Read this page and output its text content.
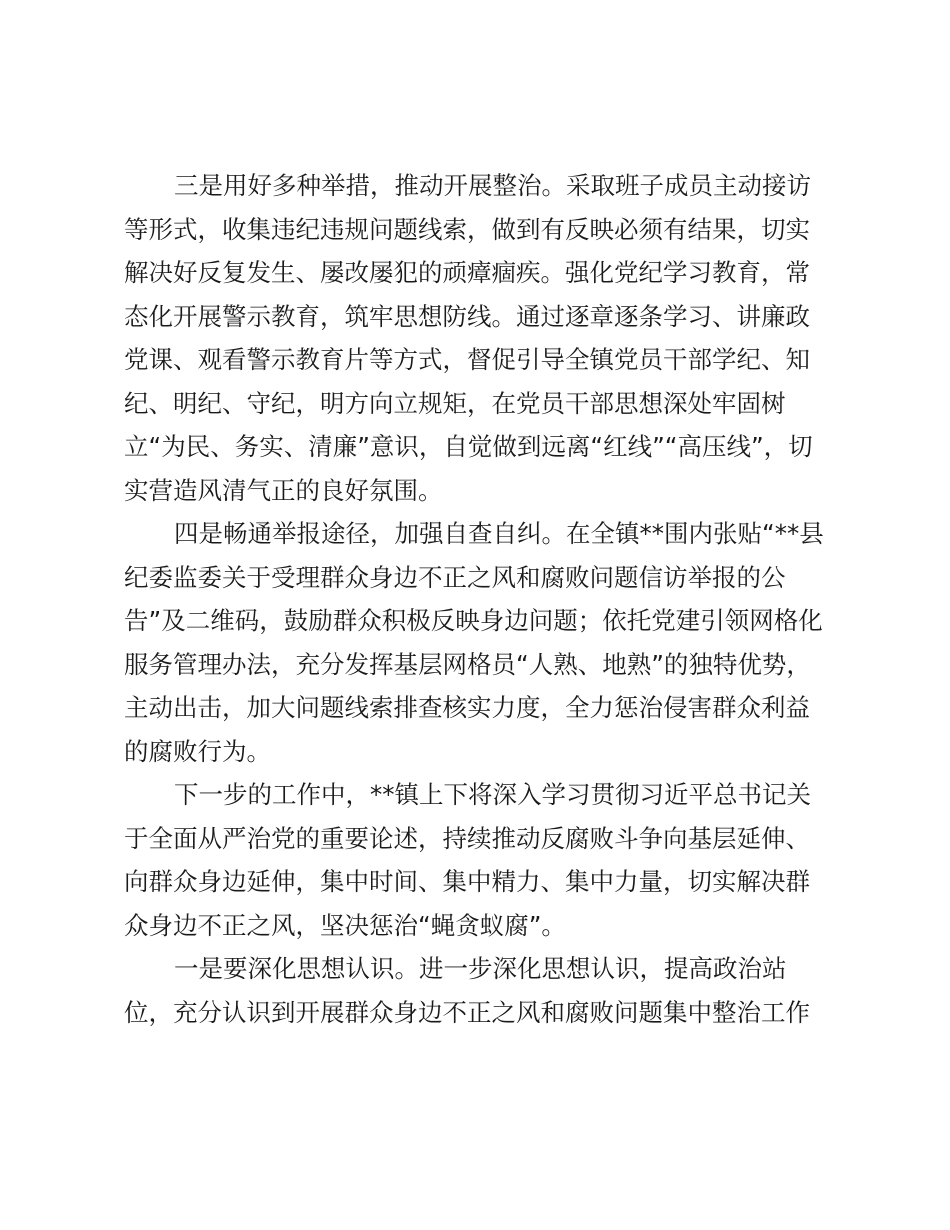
三是用好多种举措，推动开展整治。采取班子成员主动接访
等形式，收集违纪违规问题线索，做到有反映必须有结果，切实
解决好反复发生、屡改屡犯的顽瘴痼疾。强化党纪学习教育，常
态化开展警示教育，筑牢思想防线。通过逐章逐条学习、讲廉政
党课、观看警示教育片等方式，督促引导全镇党员干部学纪、知
纪、明纪、守纪，明方向立规矩，在党员干部思想深处牢固树
立“为民、务实、清廉”意识，自觉做到远离“红线”“高压线”，切
实营造风清气正的良好氛围。
四是畅通举报途径，加强自查自纠。在全镇**围内张贴“**县
纪委监委关于受理群众身边不正之风和腐败问题信访举报的公
告”及二维码，鼓励群众积极反映身边问题；依托党建引领网格化
服务管理办法，充分发挥基层网格员“人熟、地熟”的独特优势，
主动出击，加大问题线索排查核实力度，全力惩治侵害群众利益
的腐败行为。
下一步的工作中，**镇上下将深入学习贯彻习近平总书记关
于全面从严治党的重要论述，持续推动反腐败斗争向基层延伸、
向群众身边延伸，集中时间、集中精力、集中力量，切实解决群
众身边不正之风，坚决惩治“蝇贪蚁腐”。
一是要深化思想认识。进一步深化思想认识，提高政治站
位，充分认识到开展群众身边不正之风和腐败问题集中整治工作
